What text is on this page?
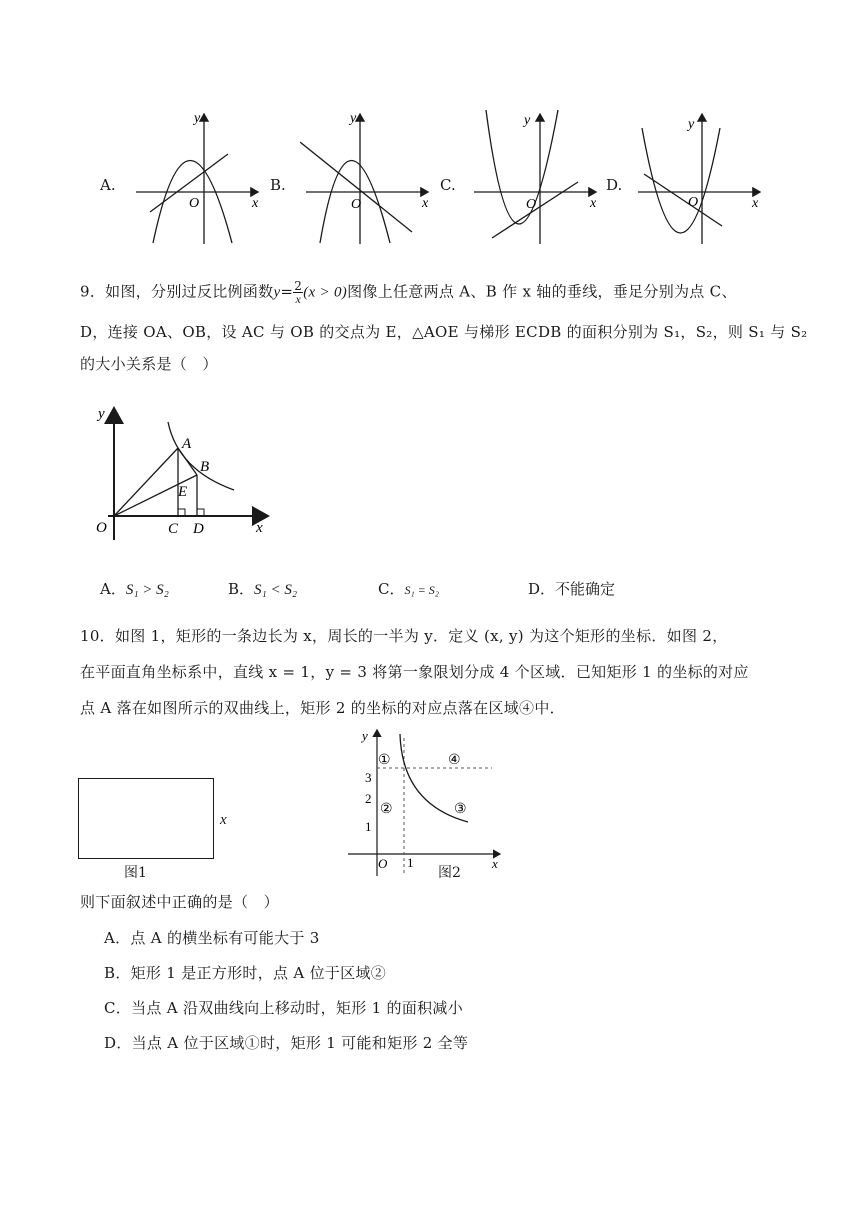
A.
y
x
O
B.
y
x
O
C.
y
x
O
D.
y
x
O
9．如图，分别过反比例函数$y= \frac{2}{x} (x > 0)$图像上任意两点 A、B 作 x 轴的垂线，垂足分别为点 C、
D，连接 OA、OB，设 AC 与 OB 的交点为 E，△AOE 与梯形 ECDB 的面积分别为 S₁，S₂，则 S₁ 与 S₂
的大小关系是（　）
y
x
O
A
B
E
C D
A．S₁ > S₂	B．S₁ < S₂	C．S₁ = S₂	D．不能确定
10．如图 1，矩形的一条边长为 x，周长的一半为 y．定义 (x, y) 为这个矩形的坐标．如图 2，
在平面直角坐标系中，直线 x = 1，y = 3 将第一象限划分成 4 个区域．已知矩形 1 的坐标的对应
点 A 落在如图所示的双曲线上，矩形 2 的坐标的对应点落在区域④中．
x
图1
y
x
O
3
2
1
1
①
②	③
④
图2
则下面叙述中正确的是（　）
A．点 A 的横坐标有可能大于 3
B．矩形 1 是正方形时，点 A 位于区域②
C．当点 A 沿双曲线向上移动时，矩形 1 的面积减小
D．当点 A 位于区域①时，矩形 1 可能和矩形 2 全等
